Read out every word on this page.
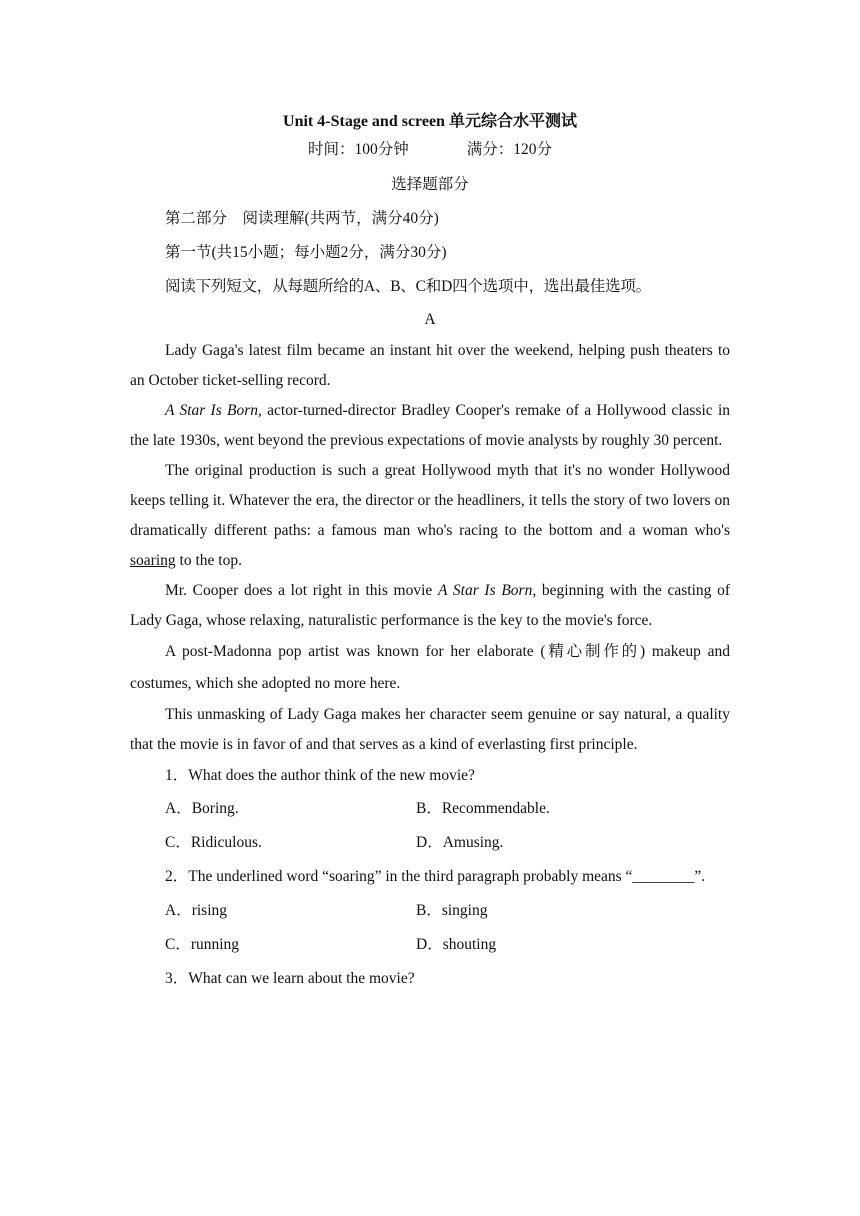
Unit 4-Stage and screen 单元综合水平测试

时间：100分钟	满分：120分

选择题部分

第二部分　阅读理解(共两节，满分40分)

第一节(共15小题；每小题2分，满分30分)

阅读下列短文，从每题所给的A、B、C和D四个选项中，选出最佳选项。

A

Lady Gaga's latest film became an instant hit over the weekend, helping push theaters to an October ticket-selling record.

A Star Is Born, actor-turned-director Bradley Cooper's remake of a Hollywood classic in the late 1930s, went beyond the previous expectations of movie analysts by roughly 30 percent.

The original production is such a great Hollywood myth that it's no wonder Hollywood keeps telling it. Whatever the era, the director or the headliners, it tells the story of two lovers on dramatically different paths: a famous man who's racing to the bottom and a woman who's soaring to the top.

Mr. Cooper does a lot right in this movie A Star Is Born, beginning with the casting of Lady Gaga, whose relaxing, naturalistic performance is the key to the movie's force.

A post-Madonna pop artist was known for her elaborate (精心制作的) makeup and costumes, which she adopted no more here.

This unmasking of Lady Gaga makes her character seem genuine or say natural, a quality that the movie is in favor of and that serves as a kind of everlasting first principle.

1．What does the author think of the new movie?

A．Boring.	B．Recommendable.
C．Ridiculous.	D．Amusing.

2．The underlined word “soaring” in the third paragraph probably means “________”.

A．rising	B．singing
C．running	D．shouting

3．What can we learn about the movie?
